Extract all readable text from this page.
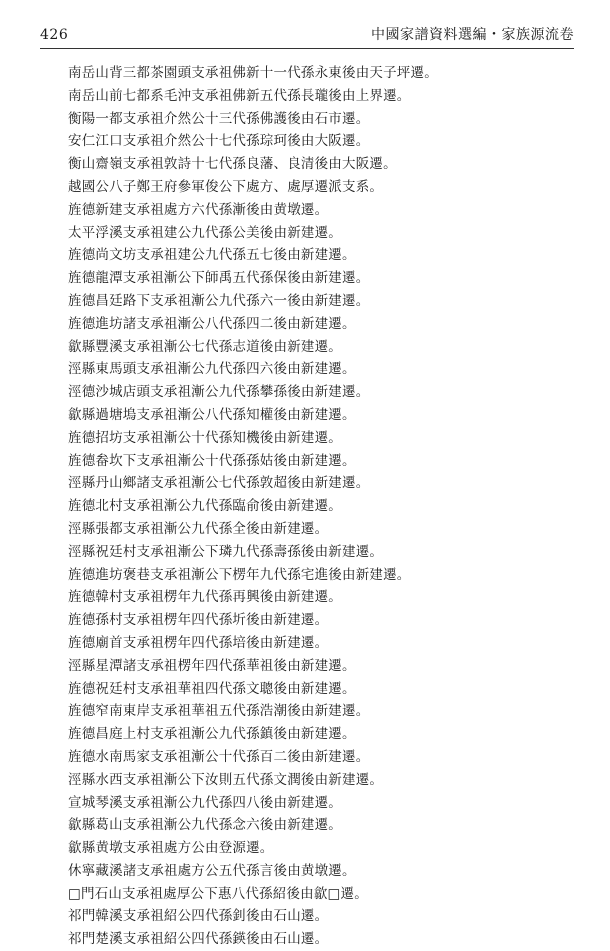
426	中國家譜資料選編・家族源流卷
南岳山背三都茶園頭支承祖佛新十一代孫永東後由天子坪遷。
南岳山前七都系毛沖支承祖佛新五代孫長瓏後由上界遷。
衡陽一都支承祖介然公十三代孫佛護後由石市遷。
安仁江口支承祖介然公十七代孫琮珂後由大阪遷。
衡山齋嶺支承祖敦詩十七代孫良藩、良清後由大阪遷。
越國公八子鄭王府參軍俊公下處方、處厚遷派支系。
旌德新建支承祖處方六代孫漸後由黄墩遷。
太平浮溪支承祖建公九代孫公美後由新建遷。
旌德尚文坊支承祖建公九代孫五七後由新建遷。
旌德龍潭支承祖漸公下師禹五代孫保後由新建遷。
旌德昌廷路下支承祖漸公九代孫六一後由新建遷。
旌德進坊諸支承祖漸公八代孫四二後由新建遷。
歙縣豐溪支承祖漸公七代孫志道後由新建遷。
涇縣東馬頭支承祖漸公九代孫四六後由新建遷。
涇德沙城店頭支承祖漸公九代孫攀孫後由新建遷。
歙縣過塘塢支承祖漸公八代孫知權後由新建遷。
旌德招坊支承祖漸公十代孫知機後由新建遷。
旌德畚坎下支承祖漸公十代孫孫姑後由新建遷。
涇縣丹山鄉諸支承祖漸公七代孫敦超後由新建遷。
旌德北村支承祖漸公九代孫臨俞後由新建遷。
涇縣張都支承祖漸公九代孫全後由新建遷。
涇縣祝廷村支承祖漸公下璘九代孫壽孫後由新建遷。
旌德進坊褒巷支承祖漸公下楞年九代孫宅進後由新建遷。
旌德韓村支承祖楞年九代孫再興後由新建遷。
旌德孫村支承祖楞年四代孫圻後由新建遷。
旌德廟首支承祖楞年四代孫培後由新建遷。
涇縣星潭諸支承祖楞年四代孫華祖後由新建遷。
旌德祝廷村支承祖華祖四代孫文聰後由新建遷。
旌德窄南東岸支承祖華祖五代孫浩潮後由新建遷。
旌德昌庭上村支承祖漸公九代孫鎮後由新建遷。
旌德水南馬家支承祖漸公十代孫百二後由新建遷。
涇縣水西支承祖漸公下汝則五代孫文潤後由新建遷。
宣城琴溪支承祖漸公九代孫四八後由新建遷。
歙縣葛山支承祖漸公九代孫念六後由新建遷。
歙縣黄墩支承祖處方公由登源遷。
休寧藏溪諸支承祖處方公五代孫言後由黄墩遷。
□門石山支承祖處厚公下惠八代孫紹後由歙□遷。
祁門韓溪支承祖紹公四代孫釗後由石山遷。
祁門楚溪支承祖紹公四代孫鍈後由石山遷。
